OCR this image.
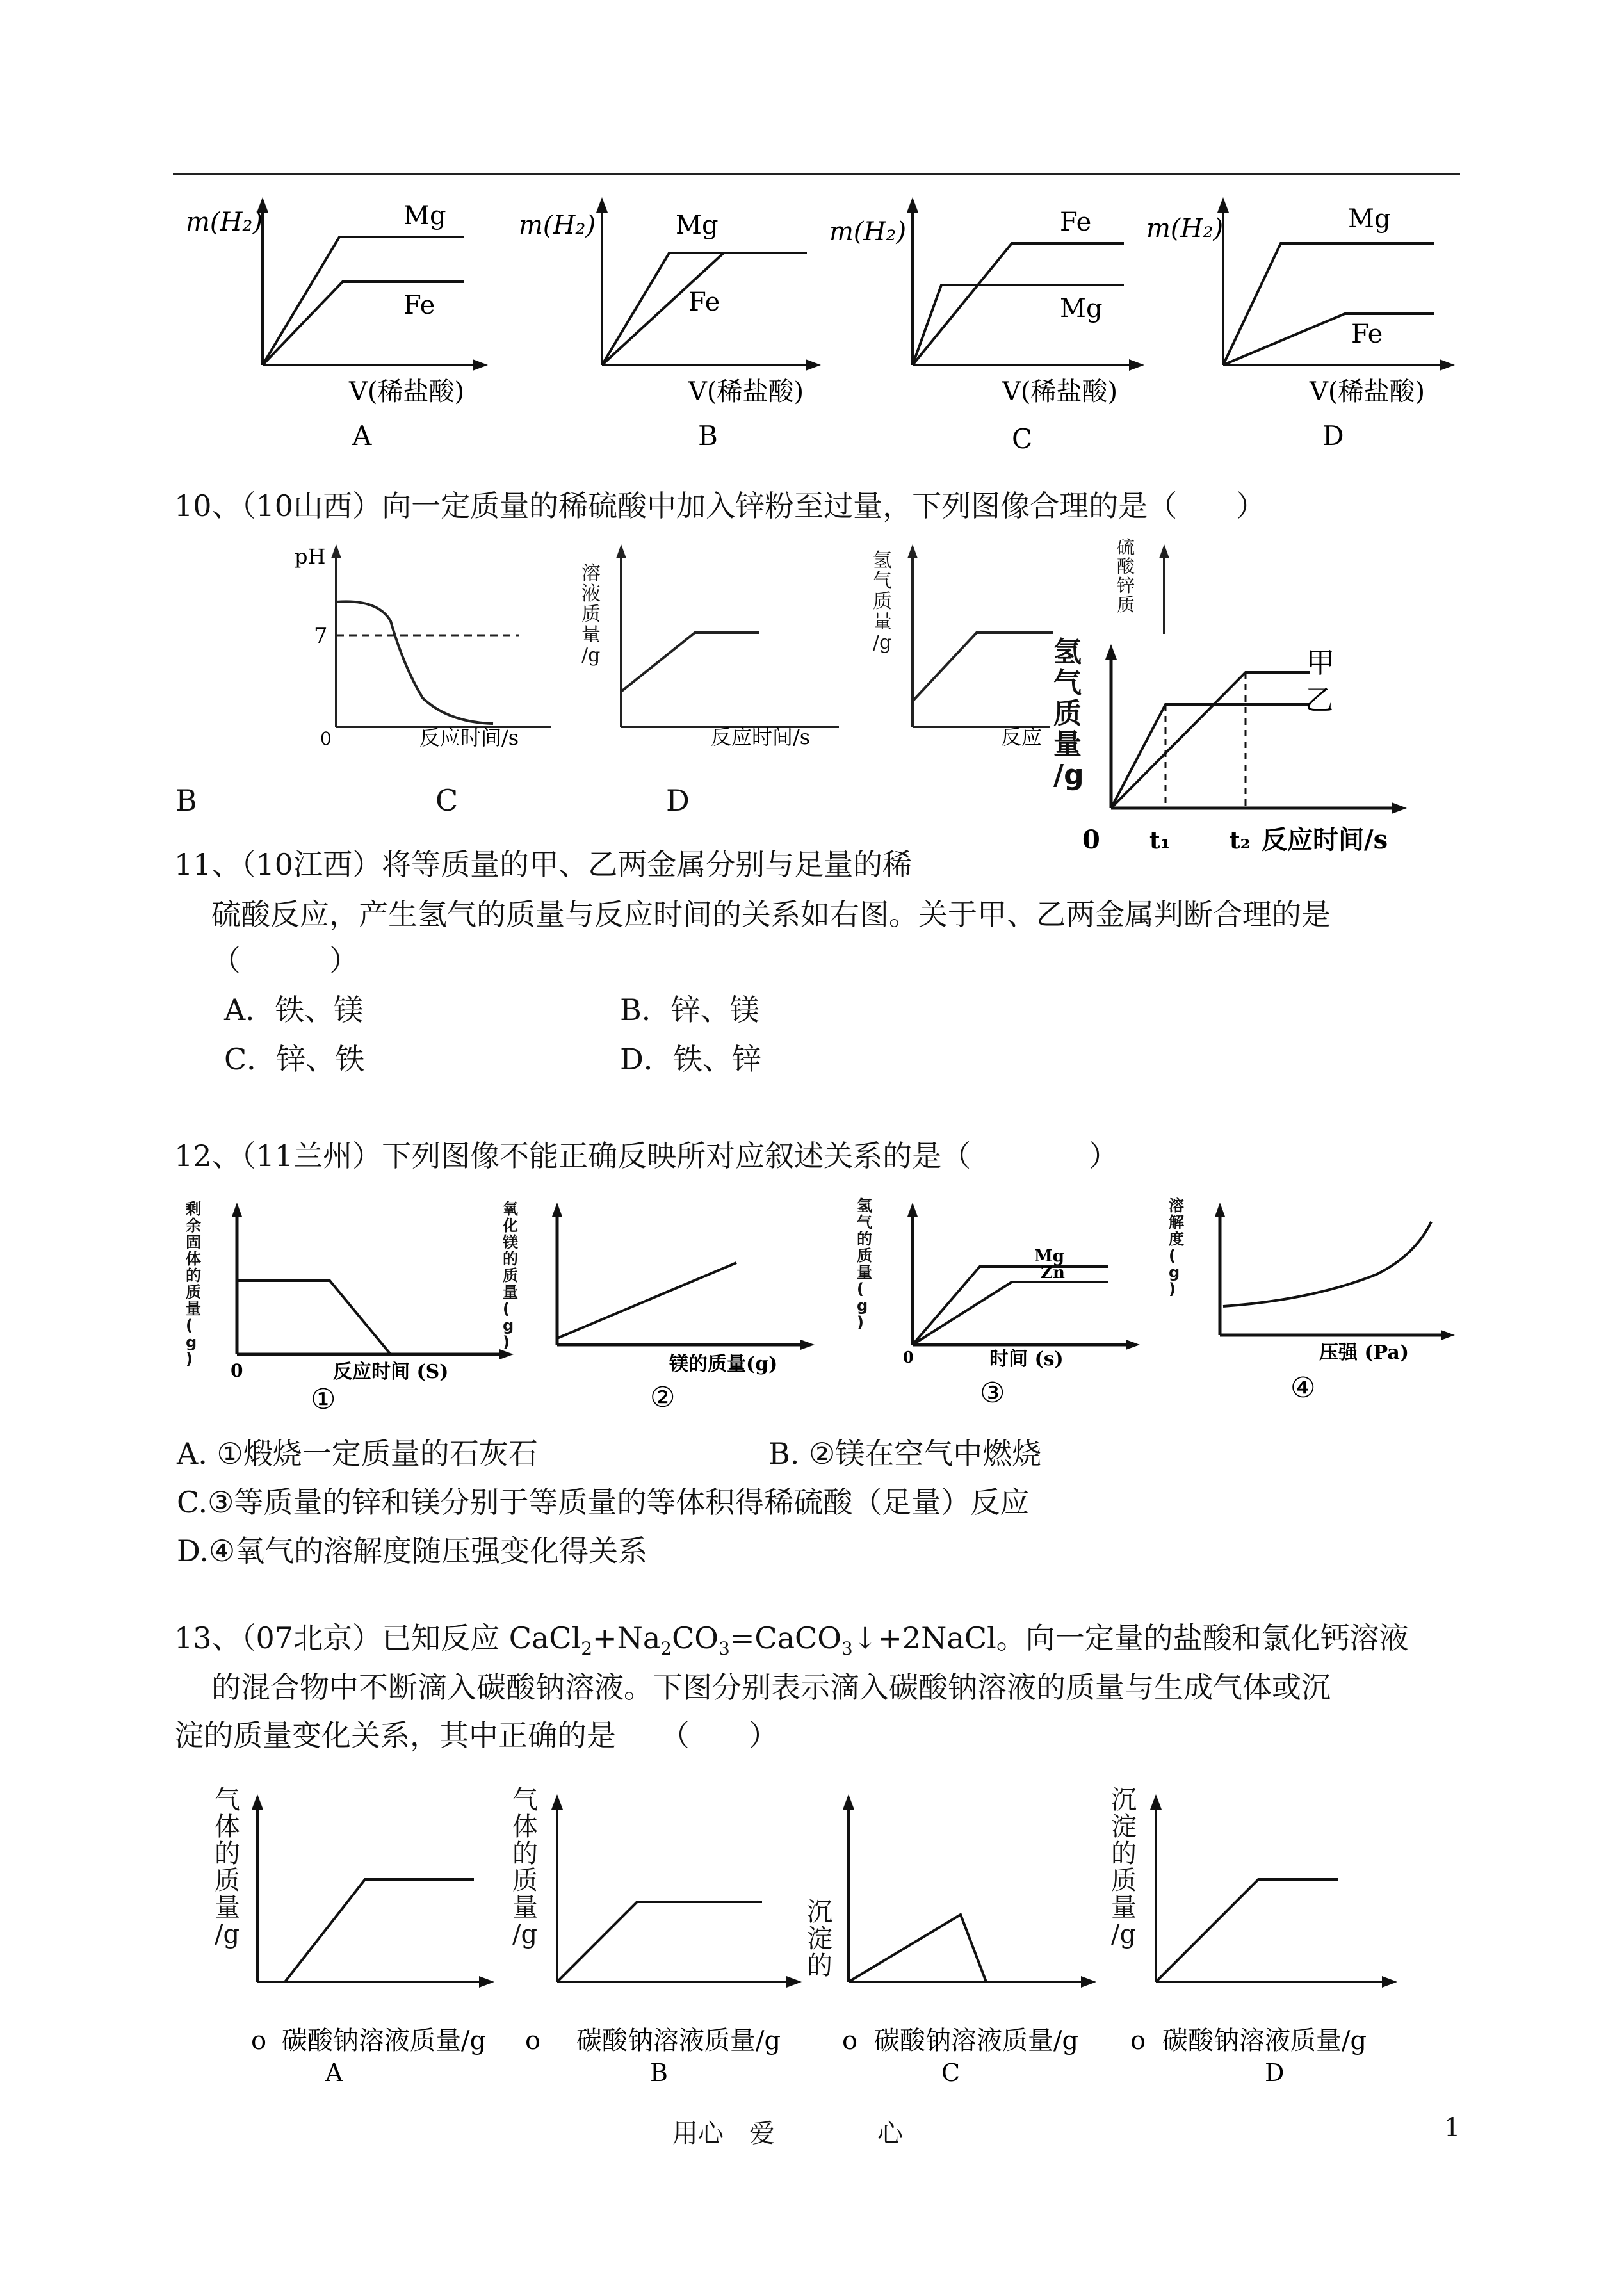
m(H₂)	Mg
Fe
V(稀盐酸)
A
m(H₂)	Mg
Fe
V(稀盐酸)
B
m(H₂)	Fe
Mg
V(稀盐酸)
C
m(H₂)	Mg
Fe
V(稀盐酸)
D
10、（10山西）向一定质量的稀硫酸中加入锌粉至过量，下列图像合理的是（　　）
pH
7
0	反应时间/s
溶液质量/g
反应时间/s
氢气质量/g
反应
硫酸锌质
氢气质量/g
甲
乙
0 t₁	t₂ 反应时间/s
B	C	D
11、（10江西）将等质量的甲、乙两金属分别与足量的稀
硫酸反应，产生氢气的质量与反应时间的关系如右图。关于甲、乙两金属判断合理的是
（　　　）
A．铁、镁	B．锌、镁
C．锌、铁	D．铁、锌
12、（11兰州）下列图像不能正确反映所对应叙述关系的是（　　　　）
剩余固体的质量(g)
0	反应时间 (S)
①
氧化镁的质量(g)
镁的质量(g)
②
氢气的质量(g)
0
Mg
Zn
时间 (s)
③
溶解度(g)
压强 (Pa)
④
A. ①煅烧一定质量的石灰石	B. ②镁在空气中燃烧
C.③等质量的锌和镁分别于等质量的等体积得稀硫酸（足量）反应
D.④氧气的溶解度随压强变化得关系
13、（07北京）已知反应 $CaCl_2+Na_2CO_3=CaCO_3↓+2NaCl$。向一定量的盐酸和氯化钙溶液
的混合物中不断滴入碳酸钠溶液。下图分别表示滴入碳酸钠溶液的质量与生成气体或沉
淀的质量变化关系，其中正确的是　　（　　）
气体的质量/g
o 碳酸钠溶液质量/g
A
气体的质量/g
o 碳酸钠溶液质量/g
B
沉淀的
o 碳酸钠溶液质量/g
C
沉淀的质量/g
o 碳酸钠溶液质量/g
D
用心　爱　　　　心	1
